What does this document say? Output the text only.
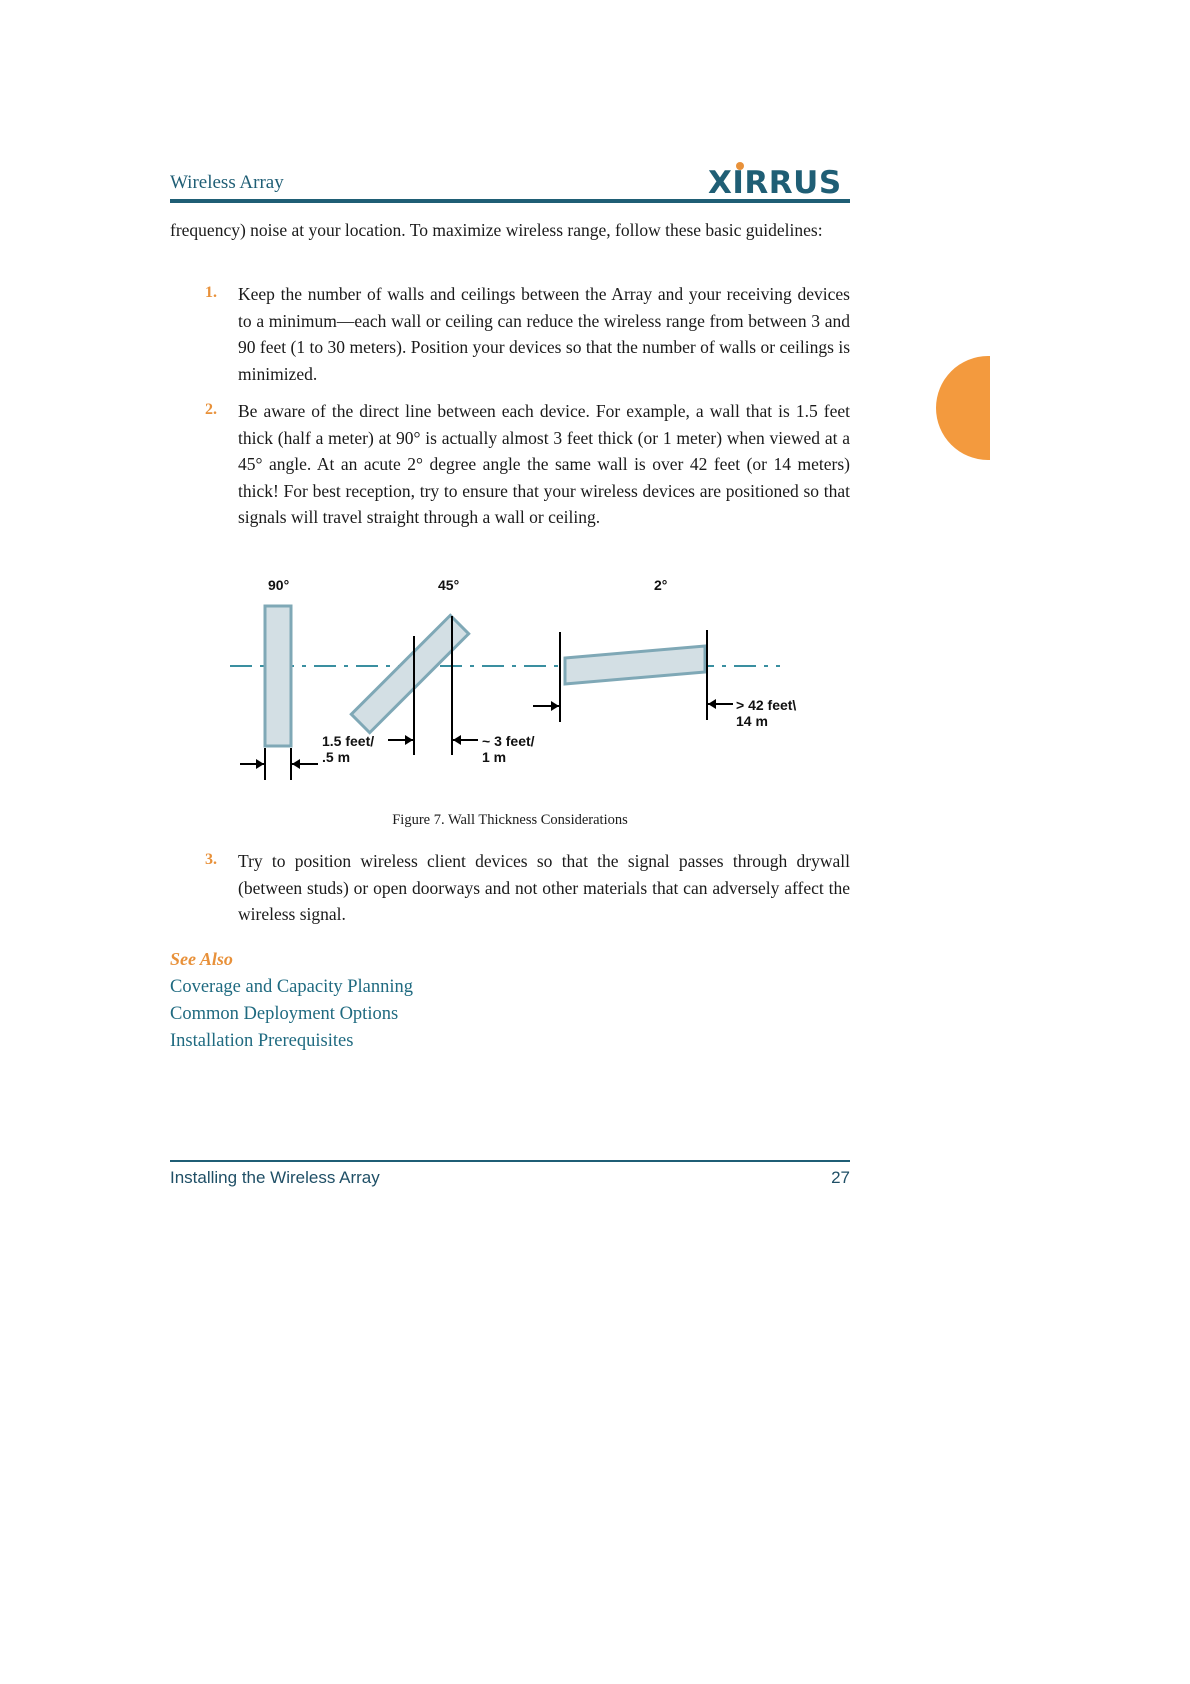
Wireless Array	XIRRUS
frequency) noise at your location. To maximize wireless range, follow these basic guidelines:
1. Keep the number of walls and ceilings between the Array and your receiving devices to a minimum—each wall or ceiling can reduce the wireless range from between 3 and 90 feet (1 to 30 meters). Position your devices so that the number of walls or ceilings is minimized.
2. Be aware of the direct line between each device. For example, a wall that is 1.5 feet thick (half a meter) at 90° is actually almost 3 feet thick (or 1 meter) when viewed at a 45° angle. At an acute 2° degree angle the same wall is over 42 feet (or 14 meters) thick! For best reception, try to ensure that your wireless devices are positioned so that signals will travel straight through a wall or ceiling.
90°	45°	2°
1.5 feet/
.5 m
~ 3 feet/
1 m
> 42 feet\
14 m
Figure 7. Wall Thickness Considerations
3. Try to position wireless client devices so that the signal passes through drywall (between studs) or open doorways and not other materials that can adversely affect the wireless signal.
See Also
Coverage and Capacity Planning
Common Deployment Options
Installation Prerequisites
Installing the Wireless Array	27
